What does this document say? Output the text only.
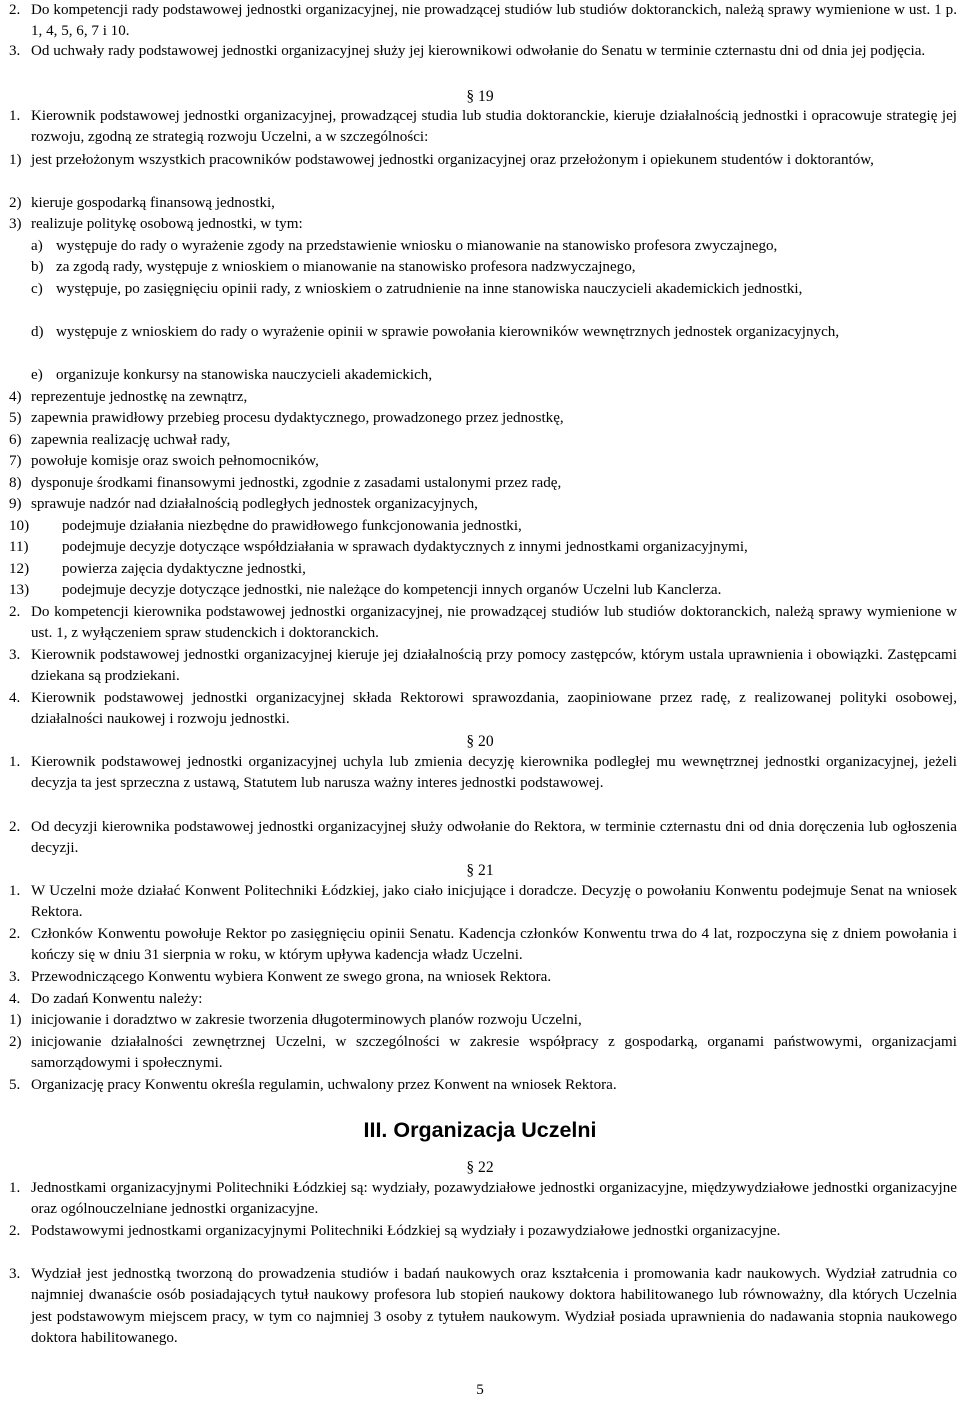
2. Do kompetencji rady podstawowej jednostki organizacyjnej, nie prowadzącej studiów lub studiów doktoranckich, należą sprawy wymienione w ust. 1 p. 1, 4, 5, 6, 7 i 10.
3. Od uchwały rady podstawowej jednostki organizacyjnej służy jej kierownikowi odwołanie do Senatu w terminie czternastu dni od dnia jej podjęcia.
§ 19
1. Kierownik podstawowej jednostki organizacyjnej, prowadzącej studia lub studia doktoranckie, kieruje działalnością jednostki i opracowuje strategię jej rozwoju, zgodną ze strategią rozwoju Uczelni, a w szczególności:
1) jest przełożonym wszystkich pracowników podstawowej jednostki organizacyjnej oraz przełożonym i opiekunem studentów i doktorantów,
2) kieruje gospodarką finansową jednostki,
3) realizuje politykę osobową jednostki, w tym:
a) występuje do rady o wyrażenie zgody na przedstawienie wniosku o mianowanie na stanowisko profesora zwyczajnego,
b) za zgodą rady, występuje z wnioskiem o mianowanie na stanowisko profesora nadzwyczajnego,
c) występuje, po zasięgnięciu opinii rady, z wnioskiem o zatrudnienie na inne stanowiska nauczycieli akademickich jednostki,
d) występuje z wnioskiem do rady o wyrażenie opinii w sprawie powołania kierowników wewnętrznych jednostek organizacyjnych,
e) organizuje konkursy na stanowiska nauczycieli akademickich,
4) reprezentuje jednostkę na zewnątrz,
5) zapewnia prawidłowy przebieg procesu dydaktycznego, prowadzonego przez jednostkę,
6) zapewnia realizację uchwał rady,
7) powołuje komisje oraz swoich pełnomocników,
8) dysponuje środkami finansowymi jednostki, zgodnie z zasadami ustalonymi przez radę,
9) sprawuje nadzór nad działalnością podległych jednostek organizacyjnych,
10) podejmuje działania niezbędne do prawidłowego funkcjonowania jednostki,
11) podejmuje decyzje dotyczące współdziałania w sprawach dydaktycznych z innymi jednostkami organizacyjnymi,
12) powierza zajęcia dydaktyczne jednostki,
13) podejmuje decyzje dotyczące jednostki, nie należące do kompetencji innych organów Uczelni lub Kanclerza.
2. Do kompetencji kierownika podstawowej jednostki organizacyjnej, nie prowadzącej studiów lub studiów doktoranckich, należą sprawy wymienione w ust. 1, z wyłączeniem spraw studenckich i doktoranckich.
3. Kierownik podstawowej jednostki organizacyjnej kieruje jej działalnością przy pomocy zastępców, którym ustala uprawnienia i obowiązki. Zastępcami dziekana są prodziekani.
4. Kierownik podstawowej jednostki organizacyjnej składa Rektorowi sprawozdania, zaopiniowane przez radę, z realizowanej polityki osobowej, działalności naukowej i rozwoju jednostki.
§ 20
1. Kierownik podstawowej jednostki organizacyjnej uchyla lub zmienia decyzję kierownika podległej mu wewnętrznej jednostki organizacyjnej, jeżeli decyzja ta jest sprzeczna z ustawą, Statutem lub narusza ważny interes jednostki podstawowej.
2. Od decyzji kierownika podstawowej jednostki organizacyjnej służy odwołanie do Rektora, w terminie czternastu dni od dnia doręczenia lub ogłoszenia decyzji.
§ 21
1. W Uczelni może działać Konwent Politechniki Łódzkiej, jako ciało inicjujące i doradcze. Decyzję o powołaniu Konwentu podejmuje Senat na wniosek Rektora.
2. Członków Konwentu powołuje Rektor po zasięgnięciu opinii Senatu. Kadencja członków Konwentu trwa do 4 lat, rozpoczyna się z dniem powołania i kończy się w dniu 31 sierpnia w roku, w którym upływa kadencja władz Uczelni.
3. Przewodniczącego Konwentu wybiera Konwent ze swego grona, na wniosek Rektora.
4. Do zadań Konwentu należy:
1) inicjowanie i doradztwo w zakresie tworzenia długoterminowych planów rozwoju Uczelni,
2) inicjowanie działalności zewnętrznej Uczelni, w szczególności w zakresie współpracy z gospodarką, organami państwowymi, organizacjami samorządowymi i społecznymi.
5. Organizację pracy Konwentu określa regulamin, uchwalony przez Konwent na wniosek Rektora.
III. Organizacja Uczelni
§ 22
1. Jednostkami organizacyjnymi Politechniki Łódzkiej są: wydziały, pozawydziałowe jednostki organizacyjne, międzywydziałowe jednostki organizacyjne oraz ogólnouczelniane jednostki organizacyjne.
2. Podstawowymi jednostkami organizacyjnymi Politechniki Łódzkiej są wydziały i pozawydziałowe jednostki organizacyjne.
3. Wydział jest jednostką tworzoną do prowadzenia studiów i badań naukowych oraz kształcenia i promowania kadr naukowych. Wydział zatrudnia co najmniej dwanaście osób posiadających tytuł naukowy profesora lub stopień naukowy doktora habilitowanego lub równoważny, dla których Uczelnia jest podstawowym miejscem pracy, w tym co najmniej 3 osoby z tytułem naukowym. Wydział posiada uprawnienia do nadawania stopnia naukowego doktora habilitowanego.
5
